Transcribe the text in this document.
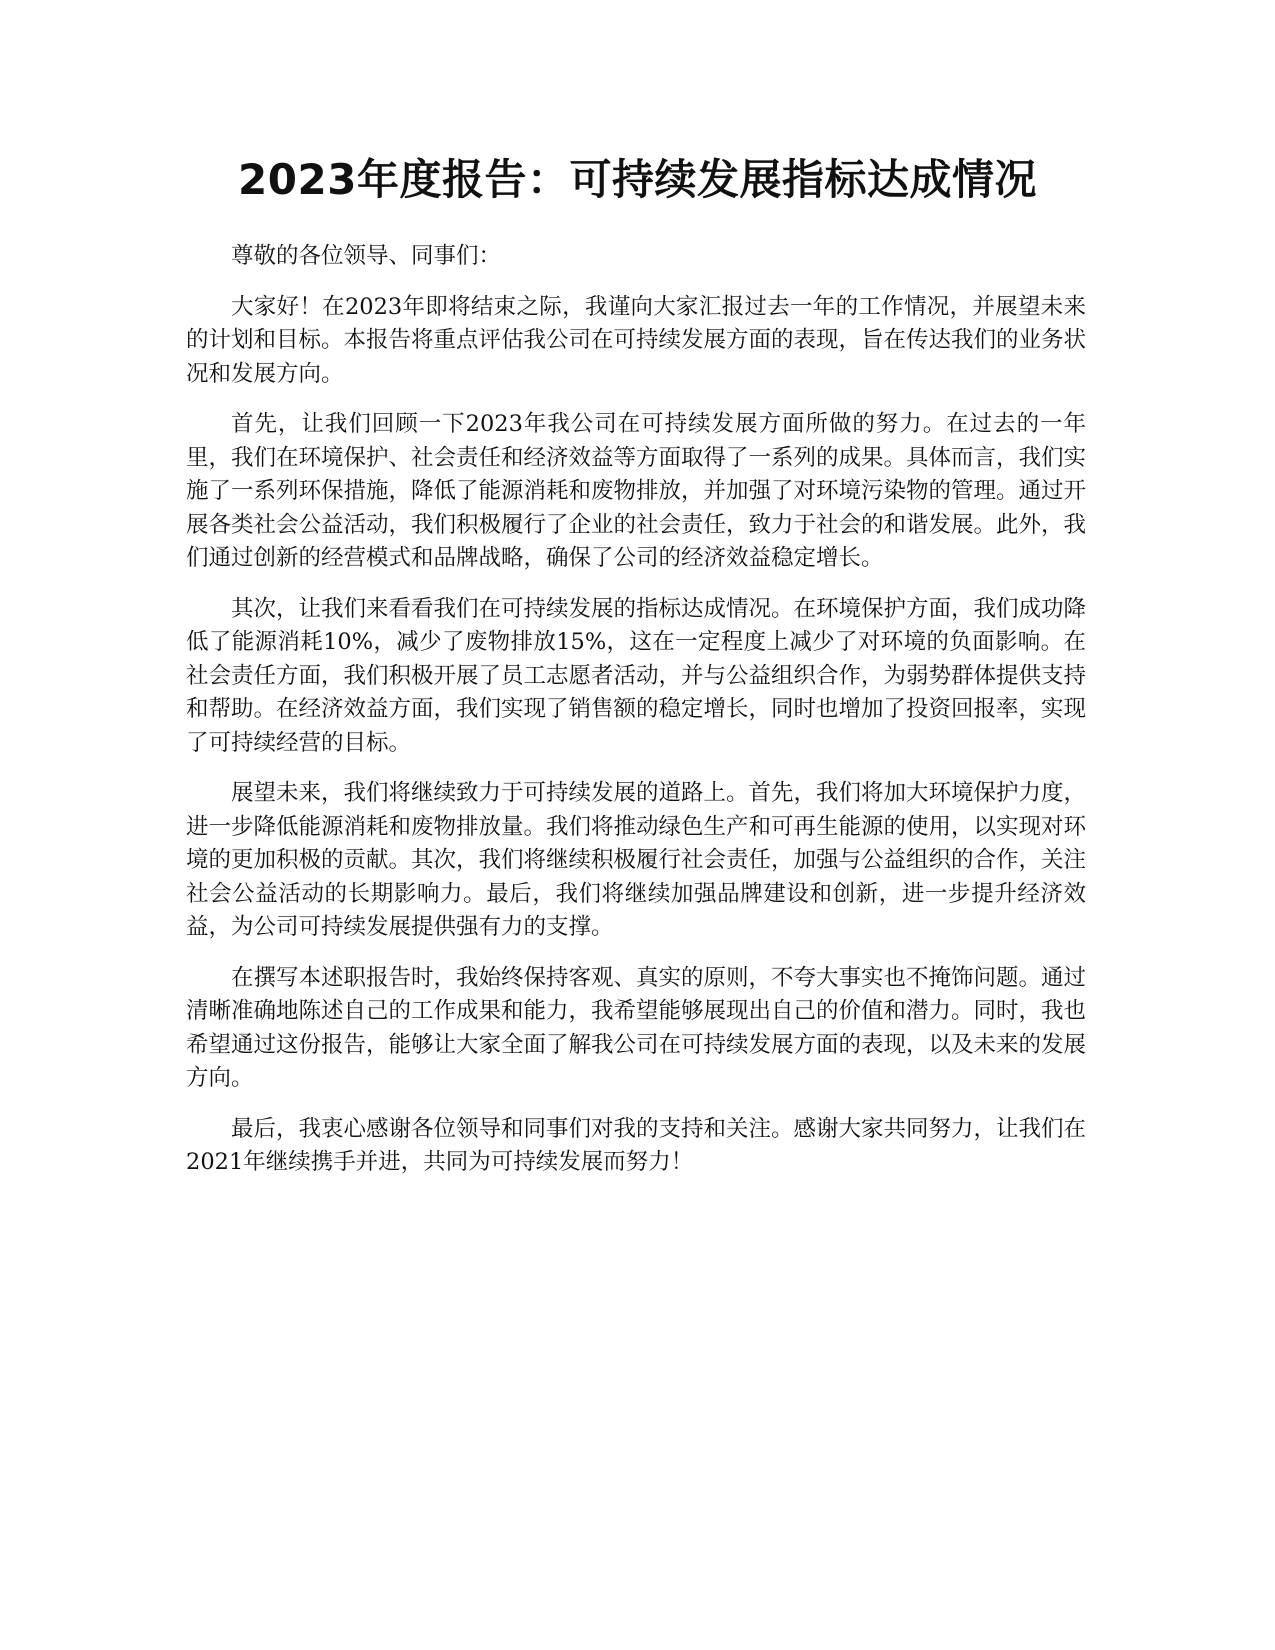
2023年度报告：可持续发展指标达成情况

尊敬的各位领导、同事们：

大家好！在2023年即将结束之际，我谨向大家汇报过去一年的工作情况，并展望未来的计划和目标。本报告将重点评估我公司在可持续发展方面的表现，旨在传达我们的业务状况和发展方向。

首先，让我们回顾一下2023年我公司在可持续发展方面所做的努力。在过去的一年里，我们在环境保护、社会责任和经济效益等方面取得了一系列的成果。具体而言，我们实施了一系列环保措施，降低了能源消耗和废物排放，并加强了对环境污染物的管理。通过开展各类社会公益活动，我们积极履行了企业的社会责任，致力于社会的和谐发展。此外，我们通过创新的经营模式和品牌战略，确保了公司的经济效益稳定增长。

其次，让我们来看看我们在可持续发展的指标达成情况。在环境保护方面，我们成功降低了能源消耗10%，减少了废物排放15%，这在一定程度上减少了对环境的负面影响。在社会责任方面，我们积极开展了员工志愿者活动，并与公益组织合作，为弱势群体提供支持和帮助。在经济效益方面，我们实现了销售额的稳定增长，同时也增加了投资回报率，实现了可持续经营的目标。

展望未来，我们将继续致力于可持续发展的道路上。首先，我们将加大环境保护力度，进一步降低能源消耗和废物排放量。我们将推动绿色生产和可再生能源的使用，以实现对环境的更加积极的贡献。其次，我们将继续积极履行社会责任，加强与公益组织的合作，关注社会公益活动的长期影响力。最后，我们将继续加强品牌建设和创新，进一步提升经济效益，为公司可持续发展提供强有力的支撑。

在撰写本述职报告时，我始终保持客观、真实的原则，不夸大事实也不掩饰问题。通过清晰准确地陈述自己的工作成果和能力，我希望能够展现出自己的价值和潜力。同时，我也希望通过这份报告，能够让大家全面了解我公司在可持续发展方面的表现，以及未来的发展方向。

最后，我衷心感谢各位领导和同事们对我的支持和关注。感谢大家共同努力，让我们在2021年继续携手并进，共同为可持续发展而努力！
